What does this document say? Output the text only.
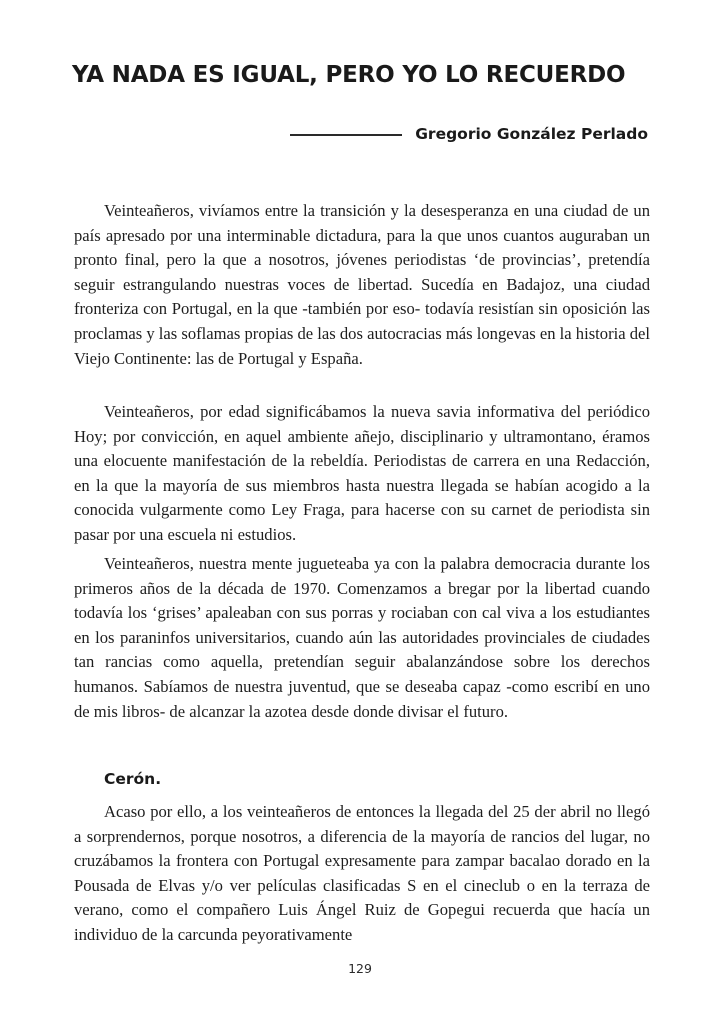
YA NADA ES IGUAL, PERO YO LO RECUERDO
Gregorio González Perlado

Veinteañeros, vivíamos entre la transición y la desesperanza en una ciudad de un país apresado por una interminable dictadura, para la que unos cuantos auguraban un pronto final, pero la que a nosotros, jóvenes periodistas ‘de provincias’, pretendía seguir estrangulando nuestras voces de libertad. Sucedía en Badajoz, una ciudad fronteriza con Portugal, en la que -también por eso- todavía resistían sin oposición las proclamas y las soflamas propias de las dos autocracias más longevas en la historia del Viejo Continente: las de Portugal y España.

Veinteañeros, por edad significábamos la nueva savia informativa del periódico Hoy; por convicción, en aquel ambiente añejo, disciplinario y ultramontano, éramos una elocuente manifestación de la rebeldía. Periodistas de carrera en una Redacción, en la que la mayoría de sus miembros hasta nuestra llegada se habían acogido a la conocida vulgarmente como Ley Fraga, para hacerse con su carnet de periodista sin pasar por una escuela ni estudios.

Veinteañeros, nuestra mente jugueteaba ya con la palabra democracia durante los primeros años de la década de 1970. Comenzamos a bregar por la libertad cuando todavía los ‘grises’ apaleaban con sus porras y rociaban con cal viva a los estudiantes en los paraninfos universitarios, cuando aún las autoridades provinciales de ciudades tan rancias como aquella, pretendían seguir abalanzándose sobre los derechos humanos. Sabíamos de nuestra juventud, que se deseaba capaz -como escribí en uno de mis libros- de alcanzar la azotea desde donde divisar el futuro.

Cerón.

Acaso por ello, a los veinteañeros de entonces la llegada del 25 der abril no llegó a sorprendernos, porque nosotros, a diferencia de la mayoría de rancios del lugar, no cruzábamos la frontera con Portugal expresamente para zampar bacalao dorado en la Pousada de Elvas y/o ver películas clasificadas S en el cineclub o en la terraza de verano, como el compañero Luis Ángel Ruiz de Gopegui recuerda que hacía un individuo de la carcunda peyorativamente

129
